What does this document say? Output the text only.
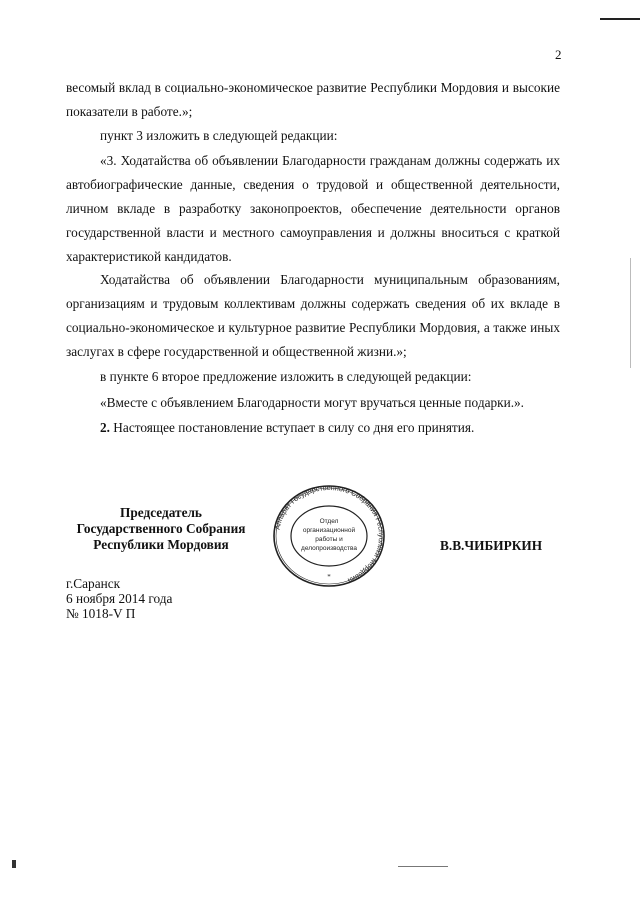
2

весомый вклад в социально-экономическое развитие Республики Мордовия и высокие показатели в работе.»;

пункт 3 изложить в следующей редакции:

«3. Ходатайства об объявлении Благодарности гражданам должны содержать их автобиографические данные, сведения о трудовой и общественной деятельности, личном вкладе в разработку законопроектов, обеспечение деятельности органов государственной власти и местного самоуправления и должны вноситься с краткой характеристикой кандидатов.

Ходатайства об объявлении Благодарности муниципальным образованиям, организациям и трудовым коллективам должны содержать сведения об их вкладе в социально-экономическое и культурное развитие Республики Мордовия, а также иных заслугах в сфере государственной и общественной жизни.»;

в пункте 6 второе предложение изложить в следующей редакции:

«Вместе с объявлением Благодарности могут вручаться ценные подарки.».

2. Настоящее постановление вступает в силу со дня его принятия.

Председатель
Государственного Собрания
Республики Мордовия
Аппарат Государственного Собрания Республики Мордовия
Отдел
организационной
работы и
делопроизводства
*
В.В.ЧИБИРКИН
г.Саранск
6 ноября 2014 года
№ 1018-V П
